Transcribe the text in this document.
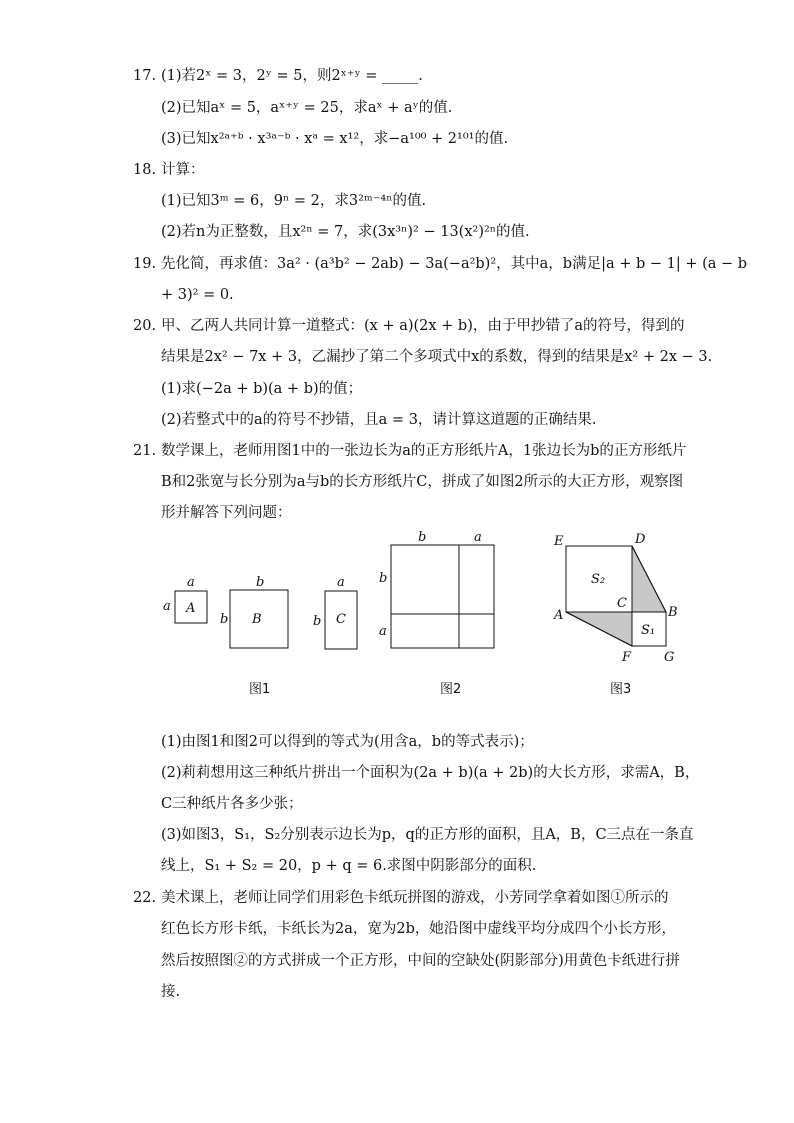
17. (1)若2ˣ = 3，2ʸ = 5，则2ˣ⁺ʸ = _____.
(2)已知aˣ = 5，aˣ⁺ʸ = 25，求aˣ + aʸ的值.
(3)已知x²ᵃ⁺ᵇ · x³ᵃ⁻ᵇ · xᵃ = x¹²，求−a¹⁰⁰ + 2¹⁰¹的值.
18. 计算：
(1)已知3ᵐ = 6，9ⁿ = 2，求3²ᵐ⁻⁴ⁿ的值.
(2)若n为正整数，且x²ⁿ = 7，求(3x³ⁿ)² − 13(x²)²ⁿ的值.
19. 先化简，再求值：3a² · (a³b² − 2ab) − 3a(−a²b)²，其中a，b满足|a + b − 1| + (a − b
+ 3)² = 0.
20. 甲、乙两人共同计算一道整式：(x + a)(2x + b)，由于甲抄错了a的符号，得到的
结果是2x² − 7x + 3，乙漏抄了第二个多项式中x的系数，得到的结果是x² + 2x − 3.
(1)求(−2a + b)(a + b)的值；
(2)若整式中的a的符号不抄错，且a = 3，请计算这道题的正确结果.
21. 数学课上，老师用图1中的一张边长为a的正方形纸片A，1张边长为b的正方形纸片
B和2张宽与长分别为a与b的长方形纸片C，拼成了如图2所示的大正方形，观察图
形并解答下列问题：
a
a A
b
b B
a
b C
b	a
b
a
E	D
S₂
C
A	B
S₁
F	G
图1	图2	图3
(1)由图1和图2可以得到的等式为(用含a，b的等式表示)；
(2)莉莉想用这三种纸片拼出一个面积为(2a + b)(a + 2b)的大长方形，求需A，B，
C三种纸片各多少张；
(3)如图3，S₁，S₂分别表示边长为p，q的正方形的面积，且A，B，C三点在一条直
线上，S₁ + S₂ = 20，p + q = 6.求图中阴影部分的面积.
22. 美术课上，老师让同学们用彩色卡纸玩拼图的游戏，小芳同学拿着如图①所示的
红色长方形卡纸，卡纸长为2a，宽为2b，她沿图中虚线平均分成四个小长方形，
然后按照图②的方式拼成一个正方形，中间的空缺处(阴影部分)用黄色卡纸进行拼
接.
